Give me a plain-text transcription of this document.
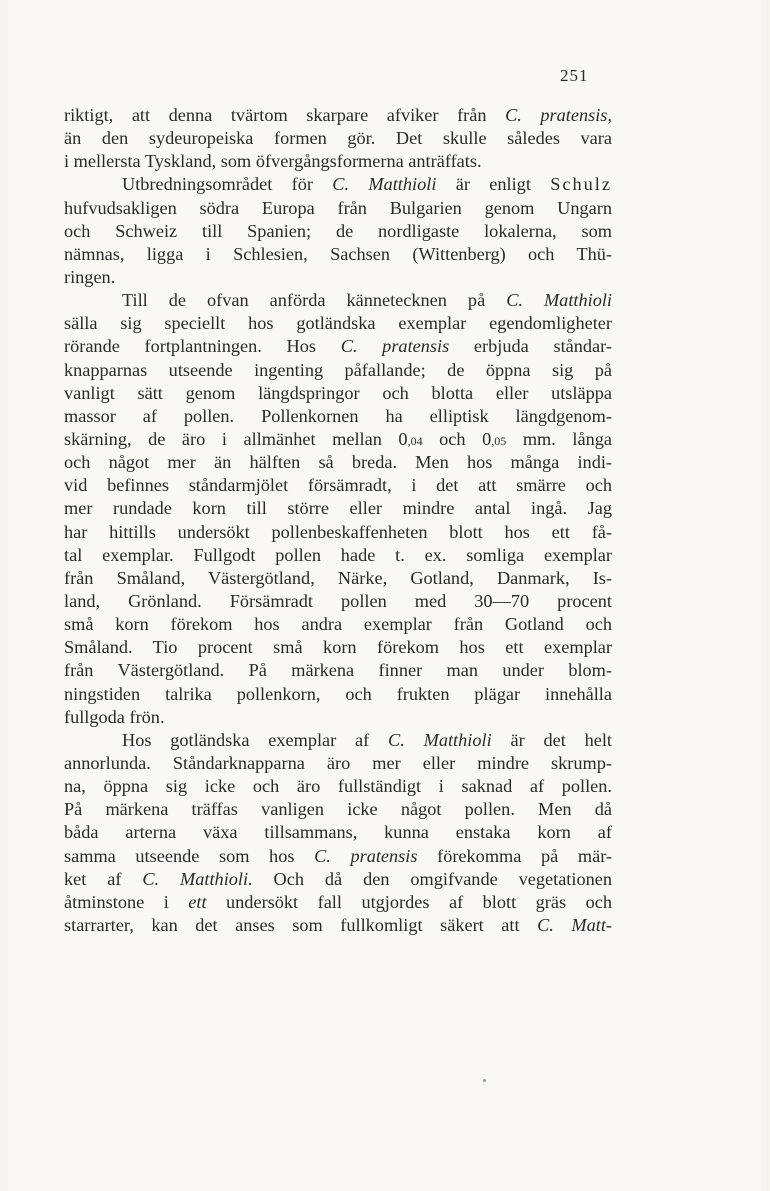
251
riktigt, att denna tvärtom skarpare afviker från C. pratensis,
än den sydeuropeiska formen gör. Det skulle således vara
i mellersta Tyskland, som öfvergångsformerna anträffats.
Utbredningsområdet för C. Matthioli är enligt Schulz
hufvudsakligen södra Europa från Bulgarien genom Ungarn
och Schweiz till Spanien; de nordligaste lokalerna, som
nämnas, ligga i Schlesien, Sachsen (Wittenberg) och Thü-
ringen.
Till de ofvan anförda kännetecknen på C. Matthioli
sälla sig speciellt hos gotländska exemplar egendomligheter
rörande fortplantningen. Hos C. pratensis erbjuda ståndar-
knapparnas utseende ingenting påfallande; de öppna sig på
vanligt sätt genom längdspringor och blotta eller utsläppa
massor af pollen. Pollenkornen ha elliptisk längdgenom-
skärning, de äro i allmänhet mellan 0,04 och 0,05 mm. långa
och något mer än hälften så breda. Men hos många indi-
vid befinnes ståndarmjölet försämradt, i det att smärre och
mer rundade korn till större eller mindre antal ingå. Jag
har hittills undersökt pollenbeskaffenheten blott hos ett få-
tal exemplar. Fullgodt pollen hade t. ex. somliga exemplar
från Småland, Västergötland, Närke, Gotland, Danmark, Is-
land, Grönland. Försämradt pollen med 30—70 procent
små korn förekom hos andra exemplar från Gotland och
Småland. Tio procent små korn förekom hos ett exemplar
från Västergötland. På märkena finner man under blom-
ningstiden talrika pollenkorn, och frukten plägar innehålla
fullgoda frön.
Hos gotländska exemplar af C. Matthioli är det helt
annorlunda. Ståndarknapparna äro mer eller mindre skrump-
na, öppna sig icke och äro fullständigt i saknad af pollen.
På märkena träffas vanligen icke något pollen. Men då
båda arterna växa tillsammans, kunna enstaka korn af
samma utseende som hos C. pratensis förekomma på mär-
ket af C. Matthioli. Och då den omgifvande vegetationen
åtminstone i ett undersökt fall utgjordes af blott gräs och
starrarter, kan det anses som fullkomligt säkert att C. Matt-
